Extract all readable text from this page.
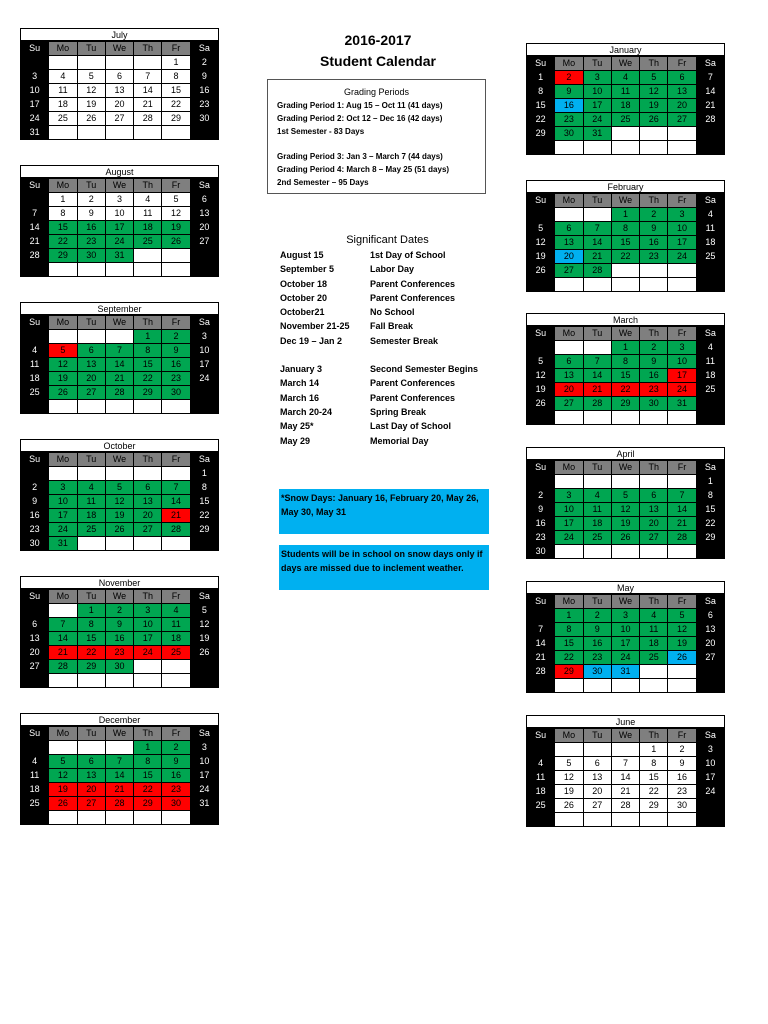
2016-2017
Student Calendar
Grading Periods
Grading Period 1: Aug 15 – Oct 11 (41 days)
Grading Period 2: Oct 12 – Dec 16 (42 days)
1st Semester - 83 Days
Grading Period 3: Jan 3 – March 7 (44 days)
Grading Period 4: March 8 – May 25 (51 days)
2nd Semester – 95 Days
Significant Dates
August 15	1st Day of School
September 5	Labor Day
October 18	Parent Conferences
October 20	Parent Conferences
October21	No School
November 21-25 Fall Break
Dec 19 – Jan 2	Semester Break
January 3	Second Semester Begins
March 14	Parent Conferences
March 16	Parent Conferences
March 20-24	Spring Break
May 25*	Last Day of School
May 29	Memorial Day
*Snow Days: January 16, February 20, May 26, May 30, May 31
Students will be in school on snow days only if days are missed due to inclement weather.
July
Su	Mo	Tu	We	Th	Fr	Sa
					1	2
3	4	5	6	7	8	9
10	11	12	13	14	15	16
17	18	19	20	21	22	23
24	25	26	27	28	29	30
31						
August
Su	Mo	Tu	We	Th	Fr	Sa
	1	2	3	4	5	6
7	8	9	10	11	12	13
14	15	16	17	18	19	20
21	22	23	24	25	26	27
28	29	30	31			

September
Su	Mo	Tu	We	Th	Fr	Sa
				1	2	3
4	5	6	7	8	9	10
11	12	13	14	15	16	17
18	19	20	21	22	23	24
25	26	27	28	29	30	

October
Su	Mo	Tu	We	Th	Fr	Sa
						1
2	3	4	5	6	7	8
9	10	11	12	13	14	15
16	17	18	19	20	21	22
23	24	25	26	27	28	29
30	31					
November
Su	Mo	Tu	We	Th	Fr	Sa
		1	2	3	4	5
6	7	8	9	10	11	12
13	14	15	16	17	18	19
20	21	22	23	24	25	26
27	28	29	30			

December
Su	Mo	Tu	We	Th	Fr	Sa
				1	2	3
4	5	6	7	8	9	10
11	12	13	14	15	16	17
18	19	20	21	22	23	24
25	26	27	28	29	30	31

January
Su	Mo	Tu	We	Th	Fr	Sa
1	2	3	4	5	6	7
8	9	10	11	12	13	14
15	16	17	18	19	20	21
22	23	24	25	26	27	28
29	30	31				

February
Su	Mo	Tu	We	Th	Fr	Sa
			1	2	3	4
5	6	7	8	9	10	11
12	13	14	15	16	17	18
19	20	21	22	23	24	25
26	27	28				

March
Su	Mo	Tu	We	Th	Fr	Sa
			1	2	3	4
5	6	7	8	9	10	11
12	13	14	15	16	17	18
19	20	21	22	23	24	25
26	27	28	29	30	31	

April
Su	Mo	Tu	We	Th	Fr	Sa
						1
2	3	4	5	6	7	8
9	10	11	12	13	14	15
16	17	18	19	20	21	22
23	24	25	26	27	28	29
30						
May
Su	Mo	Tu	We	Th	Fr	Sa
	1	2	3	4	5	6
7	8	9	10	11	12	13
14	15	16	17	18	19	20
21	22	23	24	25	26	27
28	29	30	31			

June
Su	Mo	Tu	We	Th	Fr	Sa
				1	2	3
4	5	6	7	8	9	10
11	12	13	14	15	16	17
18	19	20	21	22	23	24
25	26	27	28	29	30	
